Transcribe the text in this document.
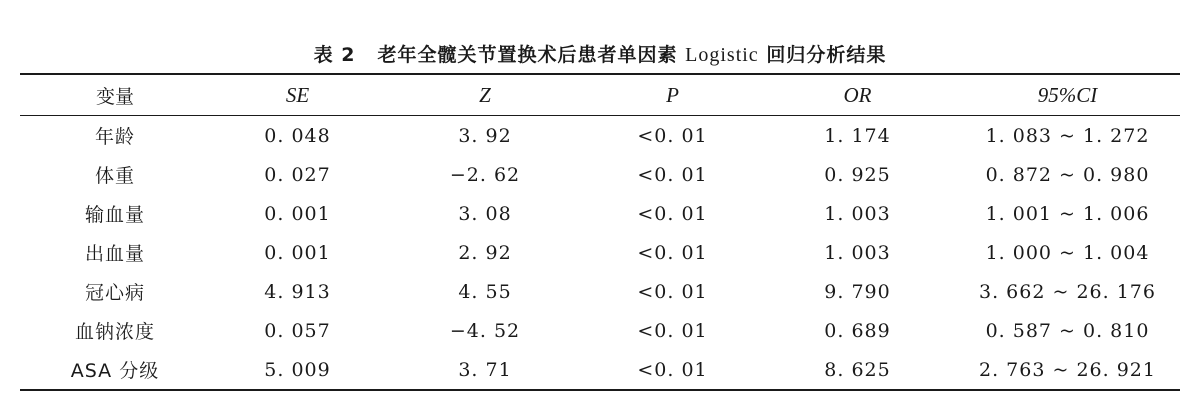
表 2 老年全髋关节置换术后患者单因素 Logistic 回归分析结果
变量	SE	Z	P	OR	95%CI
年龄	0. 048	3. 92	<0. 01	1. 174	1. 083 ~ 1. 272
体重	0. 027	−2. 62	<0. 01	0. 925	0. 872 ~ 0. 980
输血量	0. 001	3. 08	<0. 01	1. 003	1. 001 ~ 1. 006
出血量	0. 001	2. 92	<0. 01	1. 003	1. 000 ~ 1. 004
冠心病	4. 913	4. 55	<0. 01	9. 790	3. 662 ~ 26. 176
血钠浓度	0. 057	−4. 52	<0. 01	0. 689	0. 587 ~ 0. 810
ASA 分级	5. 009	3. 71	<0. 01	8. 625	2. 763 ~ 26. 921
